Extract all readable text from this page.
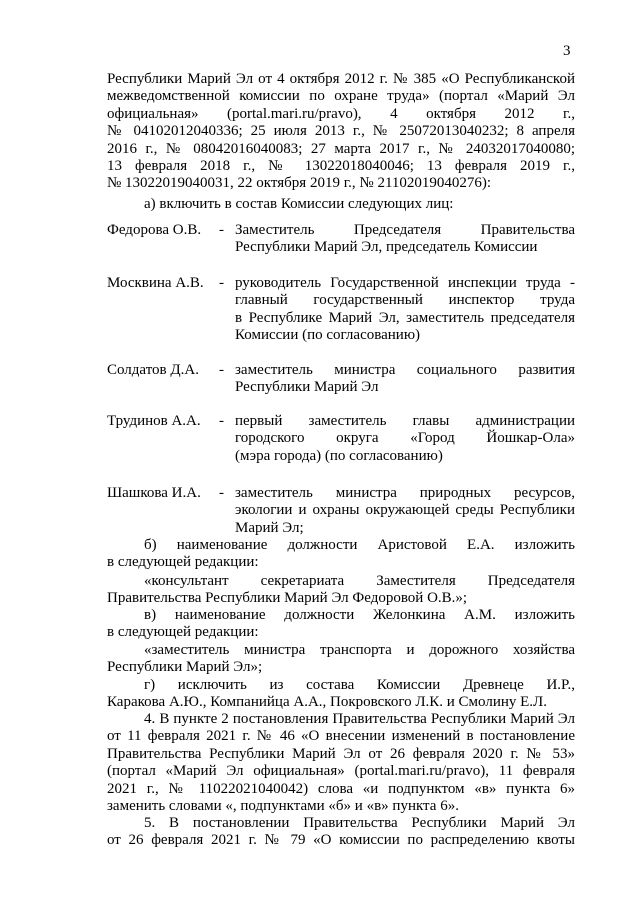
3
Республики Марий Эл от 4 октября 2012 г. № 385 «О Республиканской
межведомственной комиссии по охране труда» (портал «Марий Эл
официальная» (portal.mari.ru/pravo), 4 октября 2012 г.,
№ 04102012040336; 25 июля 2013 г., № 25072013040232; 8 апреля
2016 г., № 08042016040083; 27 марта 2017 г., № 24032017040080;
13 февраля 2018 г., № 13022018040046; 13 февраля 2019 г.,
№ 13022019040031, 22 октября 2019 г., № 21102019040276):
а) включить в состав Комиссии следующих лиц:
Федорова О.В. - Заместитель Председателя Правительства
Республики Марий Эл, председатель Комиссии
Москвина А.В. - руководитель Государственной инспекции труда -
главный государственный инспектор труда
в Республике Марий Эл, заместитель председателя
Комиссии (по согласованию)
Солдатов Д.А. - заместитель министра социального развития
Республики Марий Эл
Трудинов А.А. - первый заместитель главы администрации
городского округа «Город Йошкар-Ола»
(мэра города) (по согласованию)
Шашкова И.А. - заместитель министра природных ресурсов,
экологии и охраны окружающей среды Республики
Марий Эл;
б) наименование должности Аристовой Е.А. изложить
в следующей редакции:
«консультант секретариата Заместителя Председателя
Правительства Республики Марий Эл Федоровой О.В.»;
в) наименование должности Желонкина А.М. изложить
в следующей редакции:
«заместитель министра транспорта и дорожного хозяйства
Республики Марий Эл»;
г) исключить из состава Комиссии Древнеце И.Р.,
Каракова А.Ю., Компанийца А.А., Покровского Л.К. и Смолину Е.Л.
4. В пункте 2 постановления Правительства Республики Марий Эл
от 11 февраля 2021 г. № 46 «О внесении изменений в постановление
Правительства Республики Марий Эл от 26 февраля 2020 г. № 53»
(портал «Марий Эл официальная» (portal.mari.ru/pravo), 11 февраля
2021 г., № 11022021040042) слова «и подпунктом «в» пункта 6»
заменить словами «, подпунктами «б» и «в» пункта 6».
5. В постановлении Правительства Республики Марий Эл
от 26 февраля 2021 г. № 79 «О комиссии по распределению квоты
